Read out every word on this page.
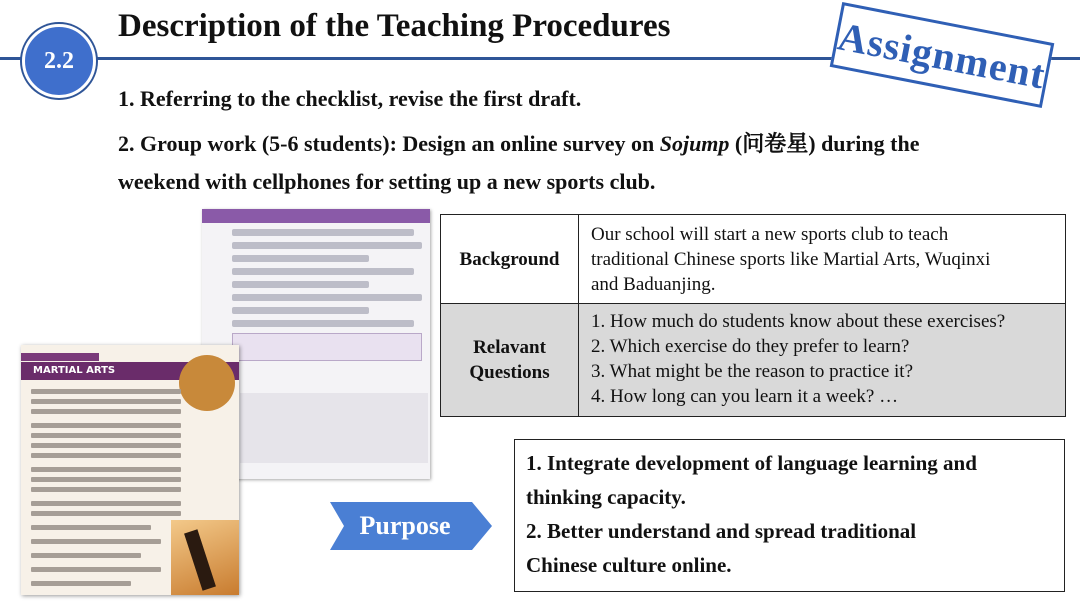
2.2
Description of the Teaching Procedures	Assignment
1. Referring to the checklist, revise the first draft.
2. Group work (5-6 students): Design an online survey on Sojump (问卷星) during the
weekend with cellphones for setting up a new sports club.
MARTIAL ARTS
Background
Our school will start a new sports club to teach
traditional Chinese sports like Martial Arts, Wuqinxi
and Baduanjing.
Relavant
Questions
1. How much do students know about these exercises?
2. Which exercise do they prefer to learn?
3. What might be the reason to practice it?
4. How long can you learn it a week? …
Purpose
1. Integrate development of language learning and
thinking capacity.
2. Better understand and spread traditional
Chinese culture online.
